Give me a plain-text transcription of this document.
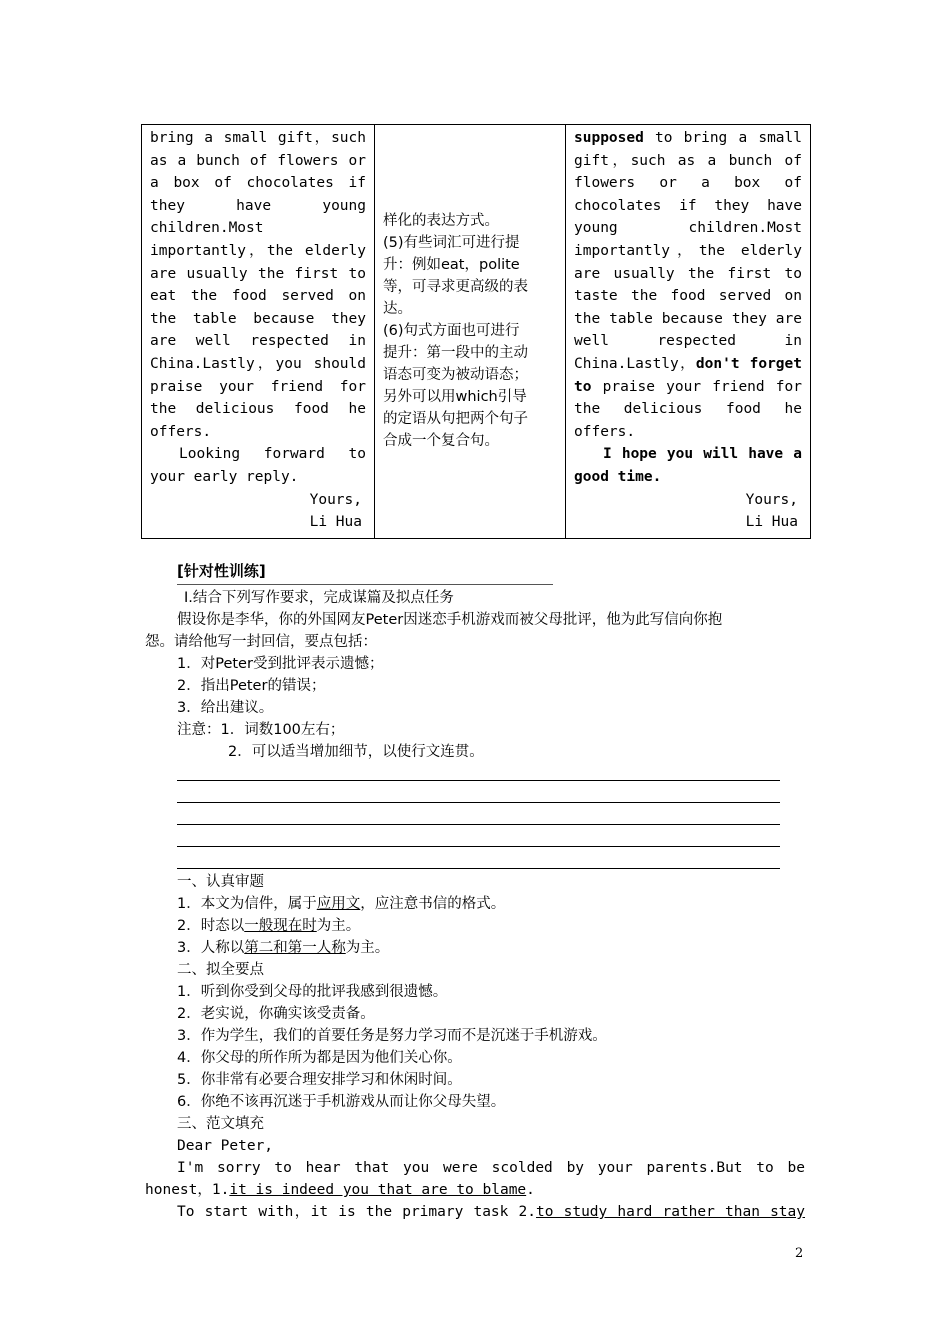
bring a small gift，such
as a bunch of flowers or
a box of chocolates if
they have young
children.Most
importantly，the elderly
are usually the first to
eat the food served on
the table because they
are well respected in
China.Lastly，you should
praise your friend for
the delicious food he
offers.
Looking forward to
your early reply.
Yours,
Li Hua

样化的表达方式。
(5)有些词汇可进行提
升：例如eat，polite
等，可寻求更高级的表
达。
(6)句式方面也可进行
提升：第一段中的主动
语态可变为被动语态；
另外可以用which引导
的定语从句把两个句子
合成一个复合句。

supposed to bring a small
gift，such as a bunch of
flowers or a box of
chocolates if they have
young children.Most
importantly，the elderly
are usually the first to
taste the food served on
the table because they are
well respected in
China.Lastly，don't forget
to praise your friend for
the delicious food he
offers.
I hope you will have a
good time.
Yours,
Li Hua
[针对性训练]
Ⅰ.结合下列写作要求，完成谋篇及拟点任务
假设你是李华，你的外国网友Peter因迷恋手机游戏而被父母批评，他为此写信向你抱
怨。请给他写一封回信，要点包括：
1．对Peter受到批评表示遗憾；
2．指出Peter的错误；
3．给出建议。
注意：1．词数100左右；
2．可以适当增加细节，以使行文连贯。
一、认真审题
1．本文为信件，属于应用文，应注意书信的格式。
2．时态以一般现在时为主。
3．人称以第二和第一人称为主。
二、拟全要点
1．听到你受到父母的批评我感到很遗憾。
2．老实说，你确实该受责备。
3．作为学生，我们的首要任务是努力学习而不是沉迷于手机游戏。
4．你父母的所作所为都是因为他们关心你。
5．你非常有必要合理安排学习和休闲时间。
6．你绝不该再沉迷于手机游戏从而让你父母失望。
三、范文填充
Dear Peter,
I'm sorry to hear that you were scolded by your parents.But to be
honest，1.it is indeed you that are to blame.
To start with，it is the primary task 2.to study hard rather than stay
2
